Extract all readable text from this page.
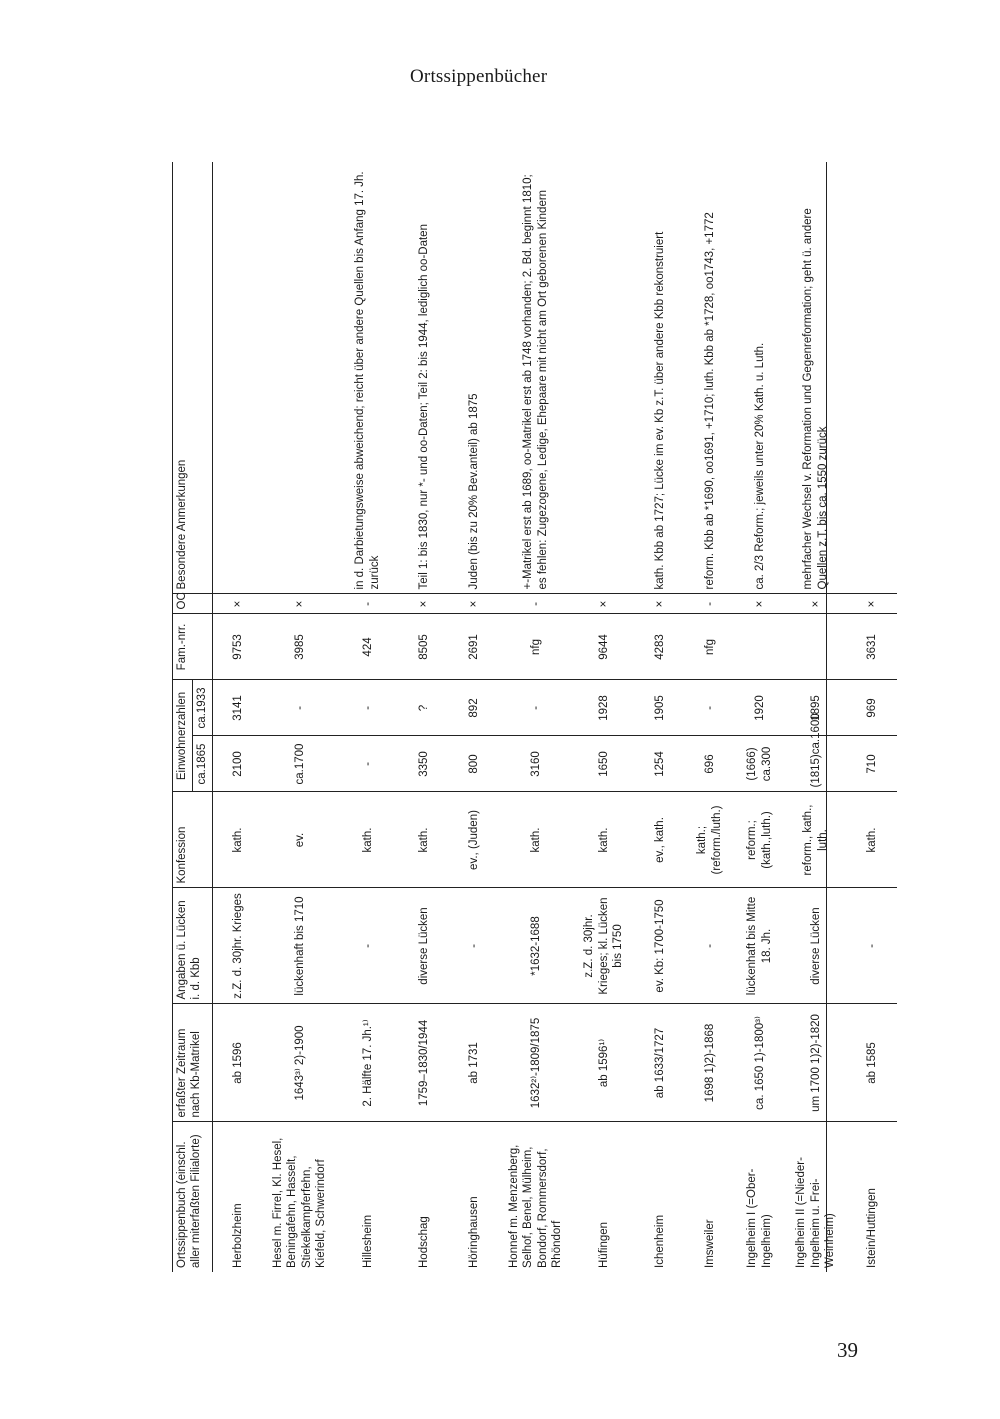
Ortssippenbücher
Ortssippenbuch (einschl. aller miterfaßten Filialorte)	erfaßter Zeitraum nach Kb-Matrikel	Angaben ü. Lücken i. d. Kbb	Konfession	Einwohnerzahlen ca.1865
ca.1933		Fam.-nrr.	OC	Besondere Anmerkungen
Herbolzheim	ab 1596	z.Z. d. 30jhr. Krieges	kath.	2100	3141	9753	×	
Hesel m. Firrel, Kl. Hesel, Beningafehn, Hasselt, Stiekelkampferfehn, Kiefeld, Schwerindorf	1643³⁾ 2)-1900	lückenhaft bis 1710	ev.	ca.1700	-	3985	×	
Hillesheim	2. Hälfte 17. Jh.¹⁾	-	kath.	-	-	424	-	in d. Darbietungsweise abweichend; reicht über andere Quellen bis Anfang 17. Jh. zurück
Hodschag	1759–1830/1944	diverse Lücken	kath.	3350	?	8505	×	Teil 1: bis 1830, nur *- und oo-Daten; Teil 2: bis 1944, lediglich oo-Daten
Höringhausen	ab 1731	-	ev., (Juden)	800	892	2691	×	Juden (bis zu 20% Bev.anteil) ab 1875
Honnef m. Menzenberg, Selhof, Benel, Mülheim, Bondorf, Rommersdorf, Rhöndorf	1632²⁾-1809/1875	*1632-1688	kath.	3160	-	nfg	-	+-Matrikel erst ab 1689, oo-Matrikel erst ab 1748 vorhanden; 2. Bd. beginnt 1810; es fehlen: Zugezogene, Ledige, Ehepaare mit nicht am Ort geborenen Kindern
Hüfingen	ab 1596¹⁾	z.Z. d. 30jhr. Krieges; kl. Lücken bis 1750	kath.	1650	1928	9644	×	
Ichenheim	ab 1633/1727	ev. Kb: 1700-1750	ev., kath.	1254	1905	4283	×	kath. Kbb ab 1727; Lücke im ev. Kb z.T. über andere Kbb rekonstruiert
Imsweiler	1698 1)2)-1868	-	kath.; (reform./luth.)	696	-	nfg	-	reform. Kbb ab *1690, oo1691, +1710; luth. Kbb ab *1728, oo1743, +1772
Ingelheim I (=Ober-Ingelheim)	ca. 1650 1)-1800³⁾	lückenhaft bis Mitte 18. Jh.	reform.; (kath.,luth.)	(1666) ca.300	1920		×	ca. 2/3 Reform.; jeweils unter 20% Kath. u. Luth.
Ingelheim II (=Nieder-Ingelheim u. Frei-Weinheim)	um 1700 1)2)-1820	diverse Lücken	reform., kath., luth.	(1815)ca.1600	1895		×	mehrfacher Wechsel v. Reformation und Gegenreformation; geht ü. andere Quellen z.T. bis ca. 1550 zurück
Istein/Huttingen	ab 1585	-	kath.	710	969	3631	×	
39
